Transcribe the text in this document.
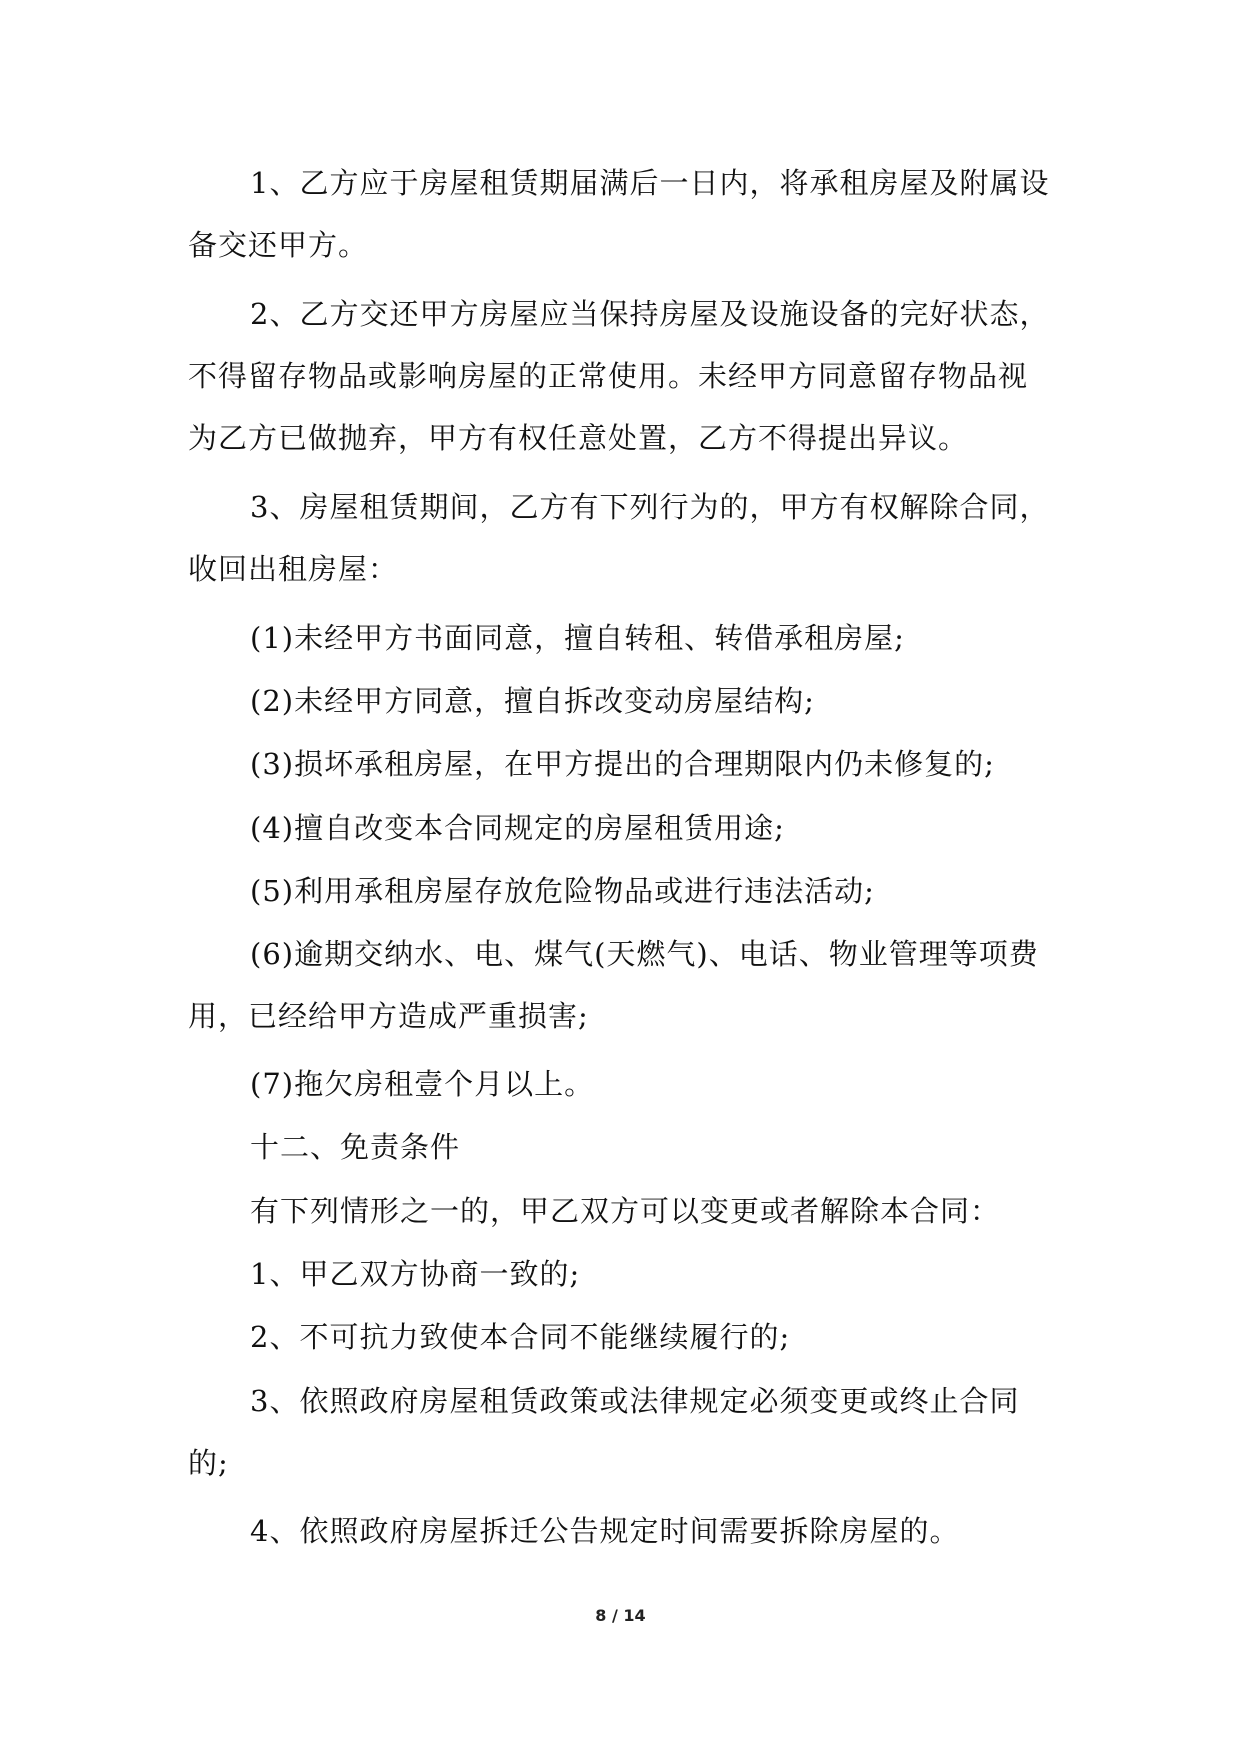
1、乙方应于房屋租赁期届满后一日内，将承租房屋及附属设备交还甲方。

2、乙方交还甲方房屋应当保持房屋及设施设备的完好状态，不得留存物品或影响房屋的正常使用。未经甲方同意留存物品视为乙方已做抛弃，甲方有权任意处置，乙方不得提出异议。

3、房屋租赁期间，乙方有下列行为的，甲方有权解除合同，收回出租房屋：

(1)未经甲方书面同意，擅自转租、转借承租房屋;

(2)未经甲方同意，擅自拆改变动房屋结构;

(3)损坏承租房屋，在甲方提出的合理期限内仍未修复的;

(4)擅自改变本合同规定的房屋租赁用途;

(5)利用承租房屋存放危险物品或进行违法活动;

(6)逾期交纳水、电、煤气(天燃气)、电话、物业管理等项费用，已经给甲方造成严重损害;

(7)拖欠房租壹个月以上。

十二、免责条件

有下列情形之一的，甲乙双方可以变更或者解除本合同：

1、甲乙双方协商一致的;

2、不可抗力致使本合同不能继续履行的;

3、依照政府房屋租赁政策或法律规定必须变更或终止合同的;

4、依照政府房屋拆迁公告规定时间需要拆除房屋的。

8 / 14
